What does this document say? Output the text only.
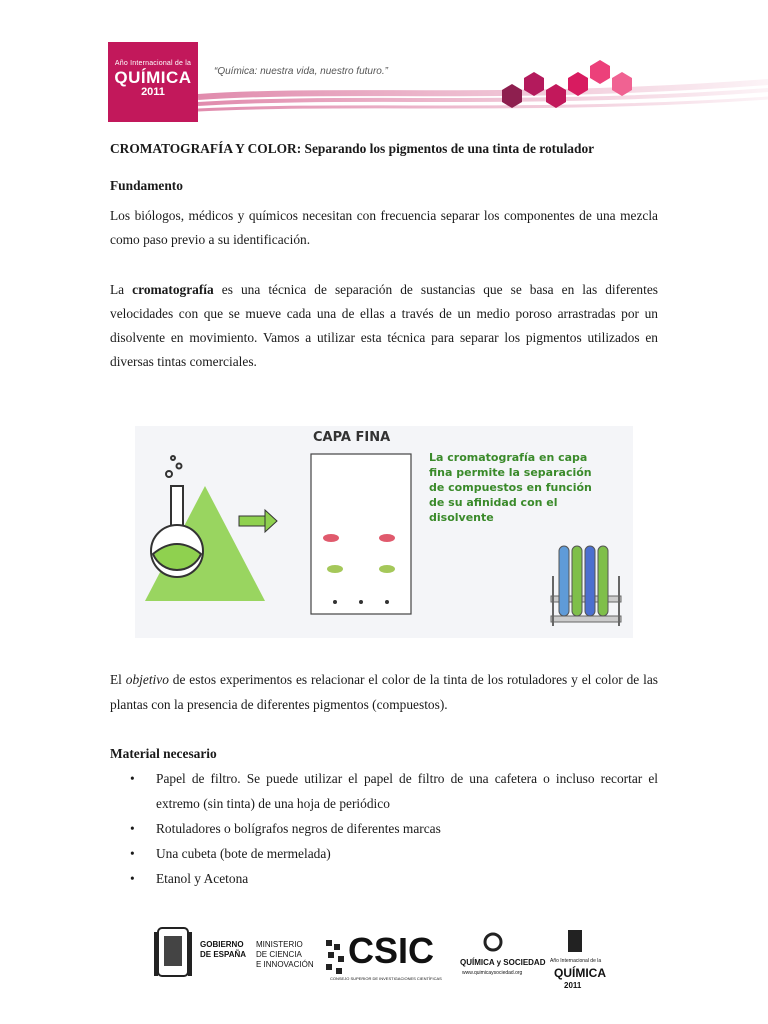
Año Internacional de la
QUÍMICA
2011
“Química: nuestra vida, nuestro futuro.”

CROMATOGRAFÍA Y COLOR: Separando los pigmentos de una tinta de rotulador

Fundamento

Los biólogos, médicos y químicos necesitan con frecuencia separar los componentes de una mezcla como paso previo a su identificación.

La cromatografía es una técnica de separación de sustancias que se basa en las diferentes velocidades con que se mueve cada una de ellas a través de un medio poroso arrastradas por un disolvente en movimiento. Vamos a utilizar esta técnica para separar los pigmentos utilizados en diversas tintas comerciales.

CAPA FINA
La cromatografía en capa fina permite la separación de compuestos en función de su afinidad con el disolvente

El objetivo de estos experimentos es relacionar el color de la tinta de los rotuladores y el color de las plantas con la presencia de diferentes pigmentos (compuestos).

Material necesario
• Papel de filtro. Se puede utilizar el papel de filtro de una cafetera o incluso recortar el extremo (sin tinta) de una hoja de periódico
• Rotuladores o bolígrafos negros de diferentes marcas
• Una cubeta (bote de mermelada)
• Etanol y Acetona
GOBIERNO
DE ESPAÑA
MINISTERIO
DE CIENCIA
E INNOVACIÓN CSIC
CONSEJO SUPERIOR DE INVESTIGACIONES CIENTÍFICAS
QUÍMICA y SOCIEDAD
www.quimicaysociedad.org
Año Internacional de la
QUÍMICA
2011
